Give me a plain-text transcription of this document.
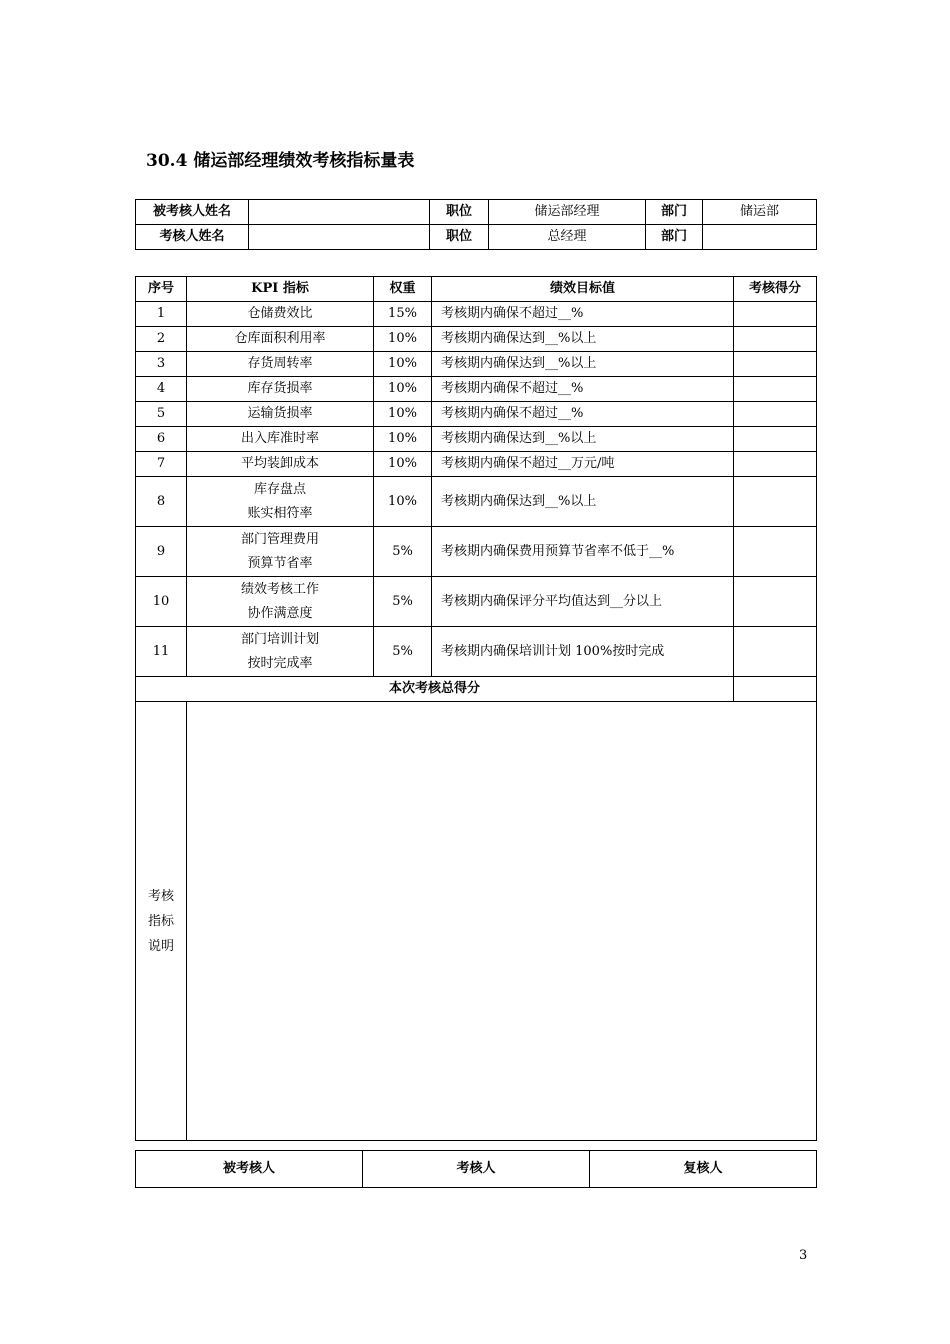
30.4 储运部经理绩效考核指标量表
被考核人姓名		职位	储运部经理	部门	储运部
考核人姓名		职位	总经理	部门	
序号	KPI 指标	权重	绩效目标值	考核得分
1	仓储费效比	15%	考核期内确保不超过__%	
2	仓库面积利用率	10%	考核期内确保达到__%以上	
3	存货周转率	10%	考核期内确保达到__%以上	
4	库存货损率	10%	考核期内确保不超过__%	
5	运输货损率	10%	考核期内确保不超过__%	
6	出入库准时率	10%	考核期内确保达到__%以上	
7	平均装卸成本	10%	考核期内确保不超过__万元/吨	
8	库存盘点
账实相符率	10%	考核期内确保达到__%以上	
9	部门管理费用
预算节省率	5%	考核期内确保费用预算节省率不低于__%	
10	绩效考核工作
协作满意度	5%	考核期内确保评分平均值达到__分以上	
11	部门培训计划
按时完成率	5%	考核期内确保培训计划 100%按时完成	
本次考核总得分				

考核
指标
说明				

被考核人	考核人	复核人
3
